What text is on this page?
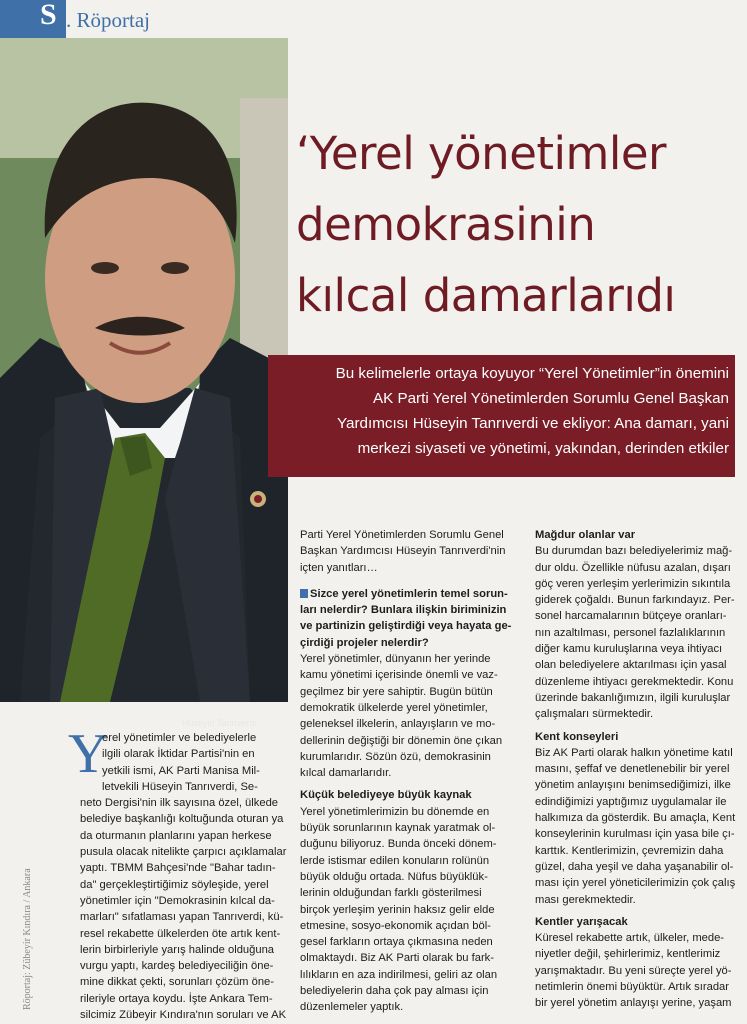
S . Röportaj
Hüseyin Tanrıverdi
‘Yerel yönetimler
demokrasinin
kılcal damarlarıdı
Bu kelimelerle ortaya koyuyor “Yerel Yönetimler”in önemini
AK Parti Yerel Yönetimlerden Sorumlu Genel Başkan
Yardımcısı Hüseyin Tanrıverdi ve ekliyor: Ana damarı, yani
merkezi siyaseti ve yönetimi, yakından, derinden etkiler
Röportaj: Zübeyir Kındıra / Ankara
Y

erel yönetimler ve belediyelerle

ilgili olarak İktidar Partisi'nin en

yetkili ismi, AK Parti Manisa Mil-

letvekili Hüseyin Tanrıverdi, Se-

neto Dergisi'nin ilk sayısına özel, ülkede

belediye başkanlığı koltuğunda oturan ya

da oturmanın planlarını yapan herkese

pusula olacak nitelikte çarpıcı açıklamalar

yaptı. TBMM Bahçesi'nde "Bahar tadın-

da" gerçekleştirtiğimiz söyleşide, yerel

yönetimler için "Demokrasinin kılcal da-

marları" sıfatlaması yapan Tanrıverdi, kü-

resel rekabette ülkelerden öte artık kent-

lerin birbirleriyle yarış halinde olduğuna

vurgu yaptı, kardeş belediyeciliğin öne-

mine dikkat çekti, sorunları çözüm öne-

rileriyle ortaya koydu. İşte Ankara Tem-

silcimiz Zübeyir Kındıra'nın soruları ve AK

Parti Yerel Yönetimlerden Sorumlu Genel

Başkan Yardımcısı Hüseyin Tanrıverdi'nin

içten yanıtları…

Sizce yerel yönetimlerin temel sorun-

ları nelerdir? Bunlara ilişkin biriminizin

ve partinizin geliştirdiği veya hayata ge-

çirdiği projeler nelerdir?

Yerel yönetimler, dünyanın her yerinde

kamu yönetimi içerisinde önemli ve vaz-

geçilmez bir yere sahiptir. Bugün bütün

demokratik ülkelerde yerel yönetimler,

geleneksel ilkelerin, anlayışların ve mo-

dellerinin değiştiği bir dönemin öne çıkan

kurumlarıdır. Sözün özü, demokrasinin

kılcal damarlarıdır.

Küçük belediyeye büyük kaynak

Yerel yönetimlerimizin bu dönemde en

büyük sorunlarının kaynak yaratmak ol-

duğunu biliyoruz. Bunda önceki dönem-

lerde istismar edilen konuların rolünün

büyük olduğu ortada. Nüfus büyüklük-

lerinin olduğundan farklı gösterilmesi

birçok yerleşim yerinin haksız gelir elde

etmesine, sosyo-ekonomik açıdan böl-

gesel farkların ortaya çıkmasına neden

olmaktaydı. Biz AK Parti olarak bu fark-

lılıkların en aza indirilmesi, geliri az olan

belediyelerin daha çok pay alması için

düzenlemeler yaptık.

Mağdur olanlar var

Bu durumdan bazı belediyelerimiz mağ-

dur oldu. Özellikle nüfusu azalan, dışarı

göç veren yerleşim yerlerimizin sıkıntıla

giderek çoğaldı. Bunun farkındayız. Per-

sonel harcamalarının bütçeye oranları-

nın azaltılması, personel fazlalıklarının

diğer kamu kuruluşlarına veya ihtiyacı

olan belediyelere aktarılması için yasal

düzenleme ihtiyacı gerekmektedir. Konu

üzerinde bakanlığımızın, ilgili kuruluşlar

çalışmaları sürmektedir.

Kent konseyleri

Biz AK Parti olarak halkın yönetime katıl

masını, şeffaf ve denetlenebilir bir yerel

yönetim anlayışını benimsediğimizi, ilke

edindiğimizi yaptığımız uygulamalar ile

halkımıza da gösterdik. Bu amaçla, Kent

konseylerinin kurulması için yasa bile çı-

karttık. Kentlerimizin, çevremizin daha

güzel, daha yeşil ve daha yaşanabilir ol-

ması için yerel yöneticilerimizin çok çalış

ması gerekmektedir.

Kentler yarışacak

Küresel rekabette artık, ülkeler, mede-

niyetler değil, şehirlerimiz, kentlerimiz

yarışmaktadır. Bu yeni süreçte yerel yö-

netimlerin önemi büyüktür. Artık sıradar

bir yerel yönetim anlayışı yerine, yaşam
